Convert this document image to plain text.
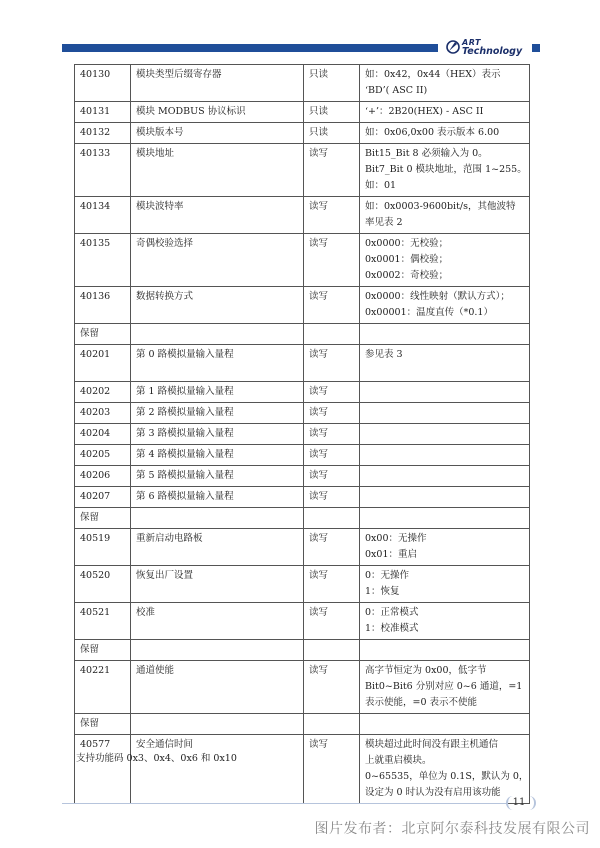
ART
Technology
40130	模块类型后缀寄存器	只读	如：0x42，0x44（HEX）表示
‘BD’( ASC II)

40131	模块 MODBUS 协议标识	只读	‘+’：2B20(HEX) - ASC II

40132	模块版本号	只读	如：0x06,0x00 表示版本 6.00

40133	模块地址	读写	Bit15_Bit 8 必须输入为 0。
Bit7_Bit 0 模块地址，范围 1~255。
如：01

40134	模块波特率	读写	如：0x0003-9600bit/s，其他波特
率见表 2

40135	奇偶校验选择	读写	0x0000：无校验；
0x0001：偶校验；
0x0002：奇校验；

40136	数据转换方式	读写	0x0000：线性映射（默认方式）；
0x00001：温度直传（*0.1）

保留			

40201	第 0 路模拟量输入量程	读写	参见表 3

40202	第 1 路模拟量输入量程	读写	

40203	第 2 路模拟量输入量程	读写	

40204	第 3 路模拟量输入量程	读写	

40205	第 4 路模拟量输入量程	读写	

40206	第 5 路模拟量输入量程	读写	

40207	第 6 路模拟量输入量程	读写	

保留			

40519	重新启动电路板	读写	0x00：无操作
0x01：重启

40520	恢复出厂设置	读写	0：无操作
1：恢复

40521	校准	读写	0：正常模式
1：校准模式

保留			

40221	通道使能	读写	高字节恒定为 0x00，低字节
Bit0~Bit6 分别对应 0~6 通道，=1
表示使能，=0 表示不使能

保留			

40577	安全通信时间	读写	模块超过此时间没有跟主机通信
上就重启模块。
0~65535，单位为 0.1S，默认为 0，
设定为 0 时认为没有启用该功能
支持功能码 0x3、0x4、0x6 和 0x10
11
图片发布者：北京阿尔泰科技发展有限公司
